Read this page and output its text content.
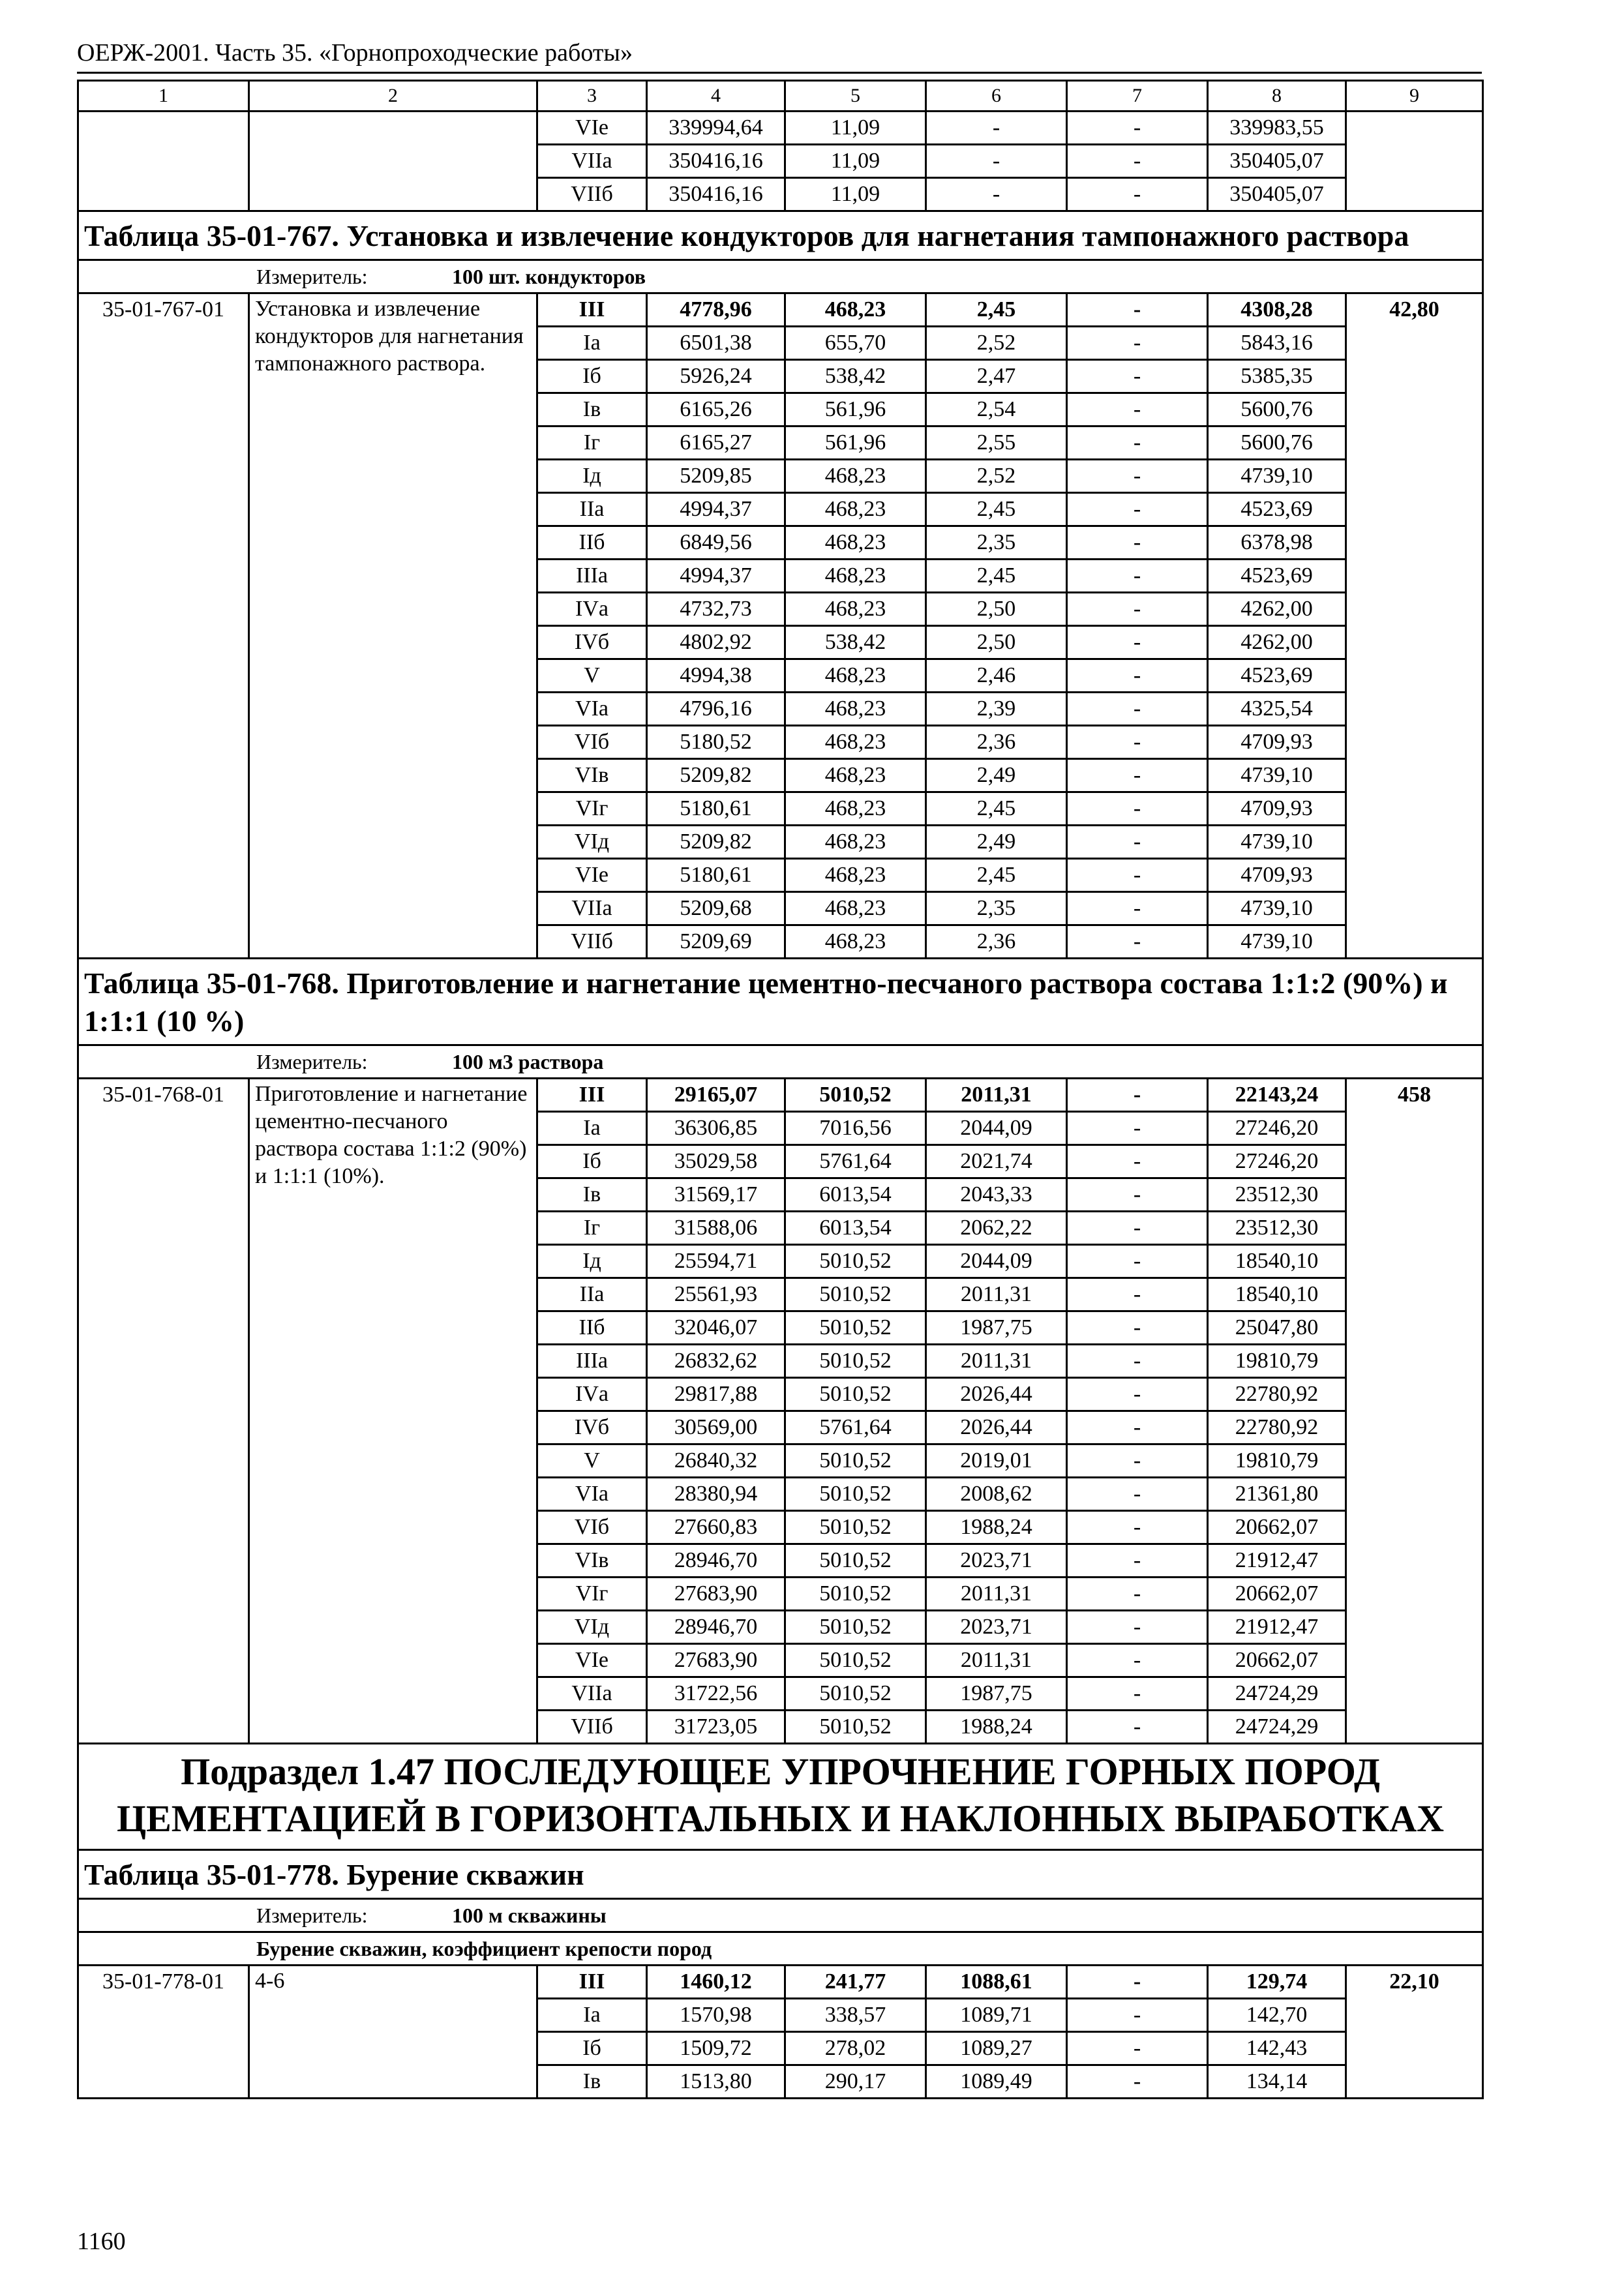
ОЕРЖ-2001. Часть 35. «Горнопроходческие работы»
1	2	3	4	5	6	7	8	9
		VIе	339994,64	11,09	-	-	339983,55	
		VIIа	350416,16	11,09	-	-	350405,07	
		VIIб	350416,16	11,09	-	-	350405,07	
Таблица 35-01-767. Установка и извлечение кондукторов для нагнетания тампонажного раствора								
Измеритель: 100 шт. кондукторов								
35-01-767-01	Установка и извлечение кондукторов для нагнетания тампонажного раствора.	III	4778,96	468,23	2,45	-	4308,28	42,80
		Iа	6501,38	655,70	2,52	-	5843,16	
		Iб	5926,24	538,42	2,47	-	5385,35	
		Iв	6165,26	561,96	2,54	-	5600,76	
		Iг	6165,27	561,96	2,55	-	5600,76	
		Iд	5209,85	468,23	2,52	-	4739,10	
		IIа	4994,37	468,23	2,45	-	4523,69	
		IIб	6849,56	468,23	2,35	-	6378,98	
		IIIа	4994,37	468,23	2,45	-	4523,69	
		IVа	4732,73	468,23	2,50	-	4262,00	
		IVб	4802,92	538,42	2,50	-	4262,00	
		V	4994,38	468,23	2,46	-	4523,69	
		VIа	4796,16	468,23	2,39	-	4325,54	
		VIб	5180,52	468,23	2,36	-	4709,93	
		VIв	5209,82	468,23	2,49	-	4739,10	
		VIг	5180,61	468,23	2,45	-	4709,93	
		VIд	5209,82	468,23	2,49	-	4739,10	
		VIе	5180,61	468,23	2,45	-	4709,93	
		VIIа	5209,68	468,23	2,35	-	4739,10	
		VIIб	5209,69	468,23	2,36	-	4739,10	
Таблица 35-01-768. Приготовление и нагнетание цементно-песчаного раствора состава 1:1:2 (90%) и 1:1:1 (10 %)								
Измеритель: 100 м3 раствора								
35-01-768-01	Приготовление и нагнетание цементно-песчаного раствора состава 1:1:2 (90%) и 1:1:1 (10%).	III	29165,07	5010,52	2011,31	-	22143,24	458
		Iа	36306,85	7016,56	2044,09	-	27246,20	
		Iб	35029,58	5761,64	2021,74	-	27246,20	
		Iв	31569,17	6013,54	2043,33	-	23512,30	
		Iг	31588,06	6013,54	2062,22	-	23512,30	
		Iд	25594,71	5010,52	2044,09	-	18540,10	
		IIа	25561,93	5010,52	2011,31	-	18540,10	
		IIб	32046,07	5010,52	1987,75	-	25047,80	
		IIIа	26832,62	5010,52	2011,31	-	19810,79	
		IVа	29817,88	5010,52	2026,44	-	22780,92	
		IVб	30569,00	5761,64	2026,44	-	22780,92	
		V	26840,32	5010,52	2019,01	-	19810,79	
		VIа	28380,94	5010,52	2008,62	-	21361,80	
		VIб	27660,83	5010,52	1988,24	-	20662,07	
		VIв	28946,70	5010,52	2023,71	-	21912,47	
		VIг	27683,90	5010,52	2011,31	-	20662,07	
		VIд	28946,70	5010,52	2023,71	-	21912,47	
		VIе	27683,90	5010,52	2011,31	-	20662,07	
		VIIа	31722,56	5010,52	1987,75	-	24724,29	
		VIIб	31723,05	5010,52	1988,24	-	24724,29	
Подраздел 1.47 ПОСЛЕДУЮЩЕЕ УПРОЧНЕНИЕ ГОРНЫХ ПОРОД ЦЕМЕНТАЦИЕЙ В ГОРИЗОНТАЛЬНЫХ И НАКЛОННЫХ ВЫРАБОТКАХ								
Таблица 35-01-778. Бурение скважин								
Измеритель: 100 м скважины								
Бурение скважин, коэффициент крепости пород								
35-01-778-01	4-6	III	1460,12	241,77	1088,61	-	129,74	22,10
		Iа	1570,98	338,57	1089,71	-	142,70	
		Iб	1509,72	278,02	1089,27	-	142,43	
		Iв	1513,80	290,17	1089,49	-	134,14	
1160
